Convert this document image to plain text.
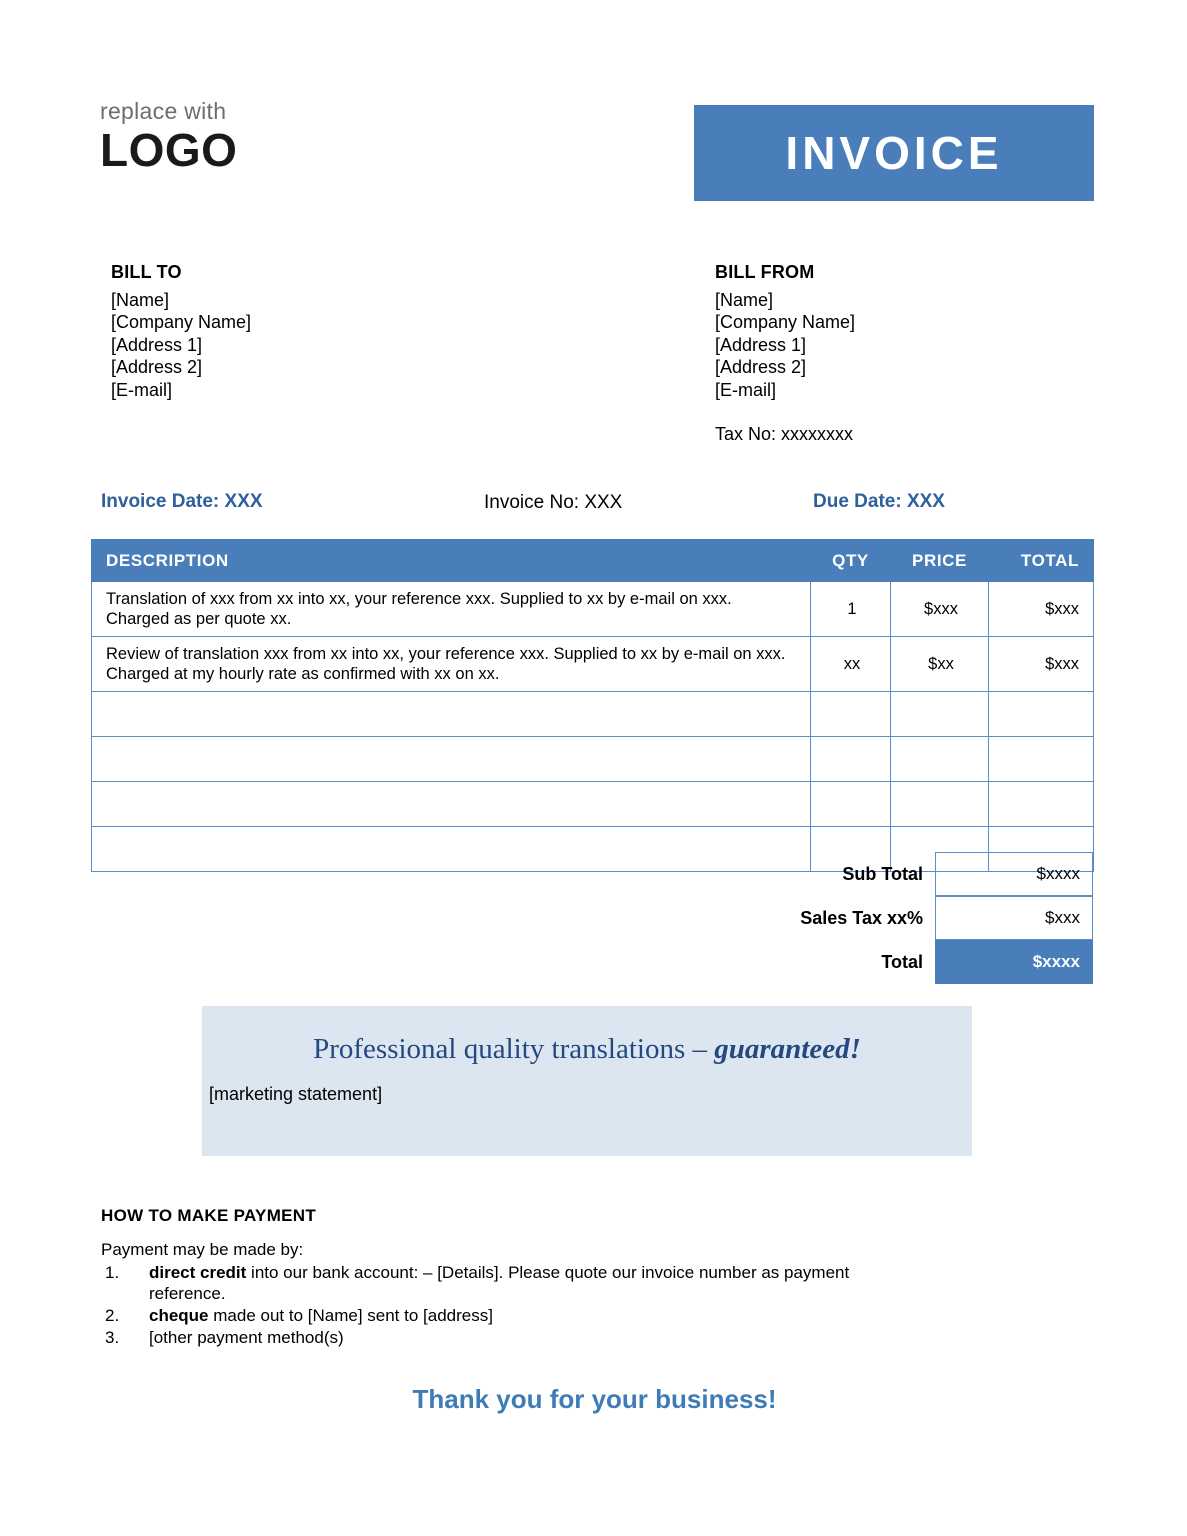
replace with
LOGO	INVOICE
BILL TO
[Name]
[Company Name]
[Address 1]
[Address 2]
[E-mail]
BILL FROM
[Name]
[Company Name]
[Address 1]
[Address 2]
[E-mail]
Tax No: xxxxxxxx
Invoice Date: XXX	Invoice No: XXX	Due Date: XXX
DESCRIPTION	QTY	PRICE	TOTAL
Translation of xxx from xx into xx, your reference xxx. Supplied to xx by e-mail on xxx. Charged as per quote xx.	1	$xxx	$xxx
Review of translation xxx from xx into xx, your reference xxx. Supplied to xx by e-mail on xxx. Charged at my hourly rate as confirmed with xx on xx.	xx	$xx	$xxx

Sub Total	$xxxx
Sales Tax xx%	$xxx
Total	$xxxx
Professional quality translations – guaranteed!
[marketing statement]
HOW TO MAKE PAYMENT
Payment may be made by:
1. direct credit into our bank account: – [Details]. Please quote our invoice number as payment reference.
2. cheque made out to [Name] sent to [address]
3. [other payment method(s)
Thank you for your business!
